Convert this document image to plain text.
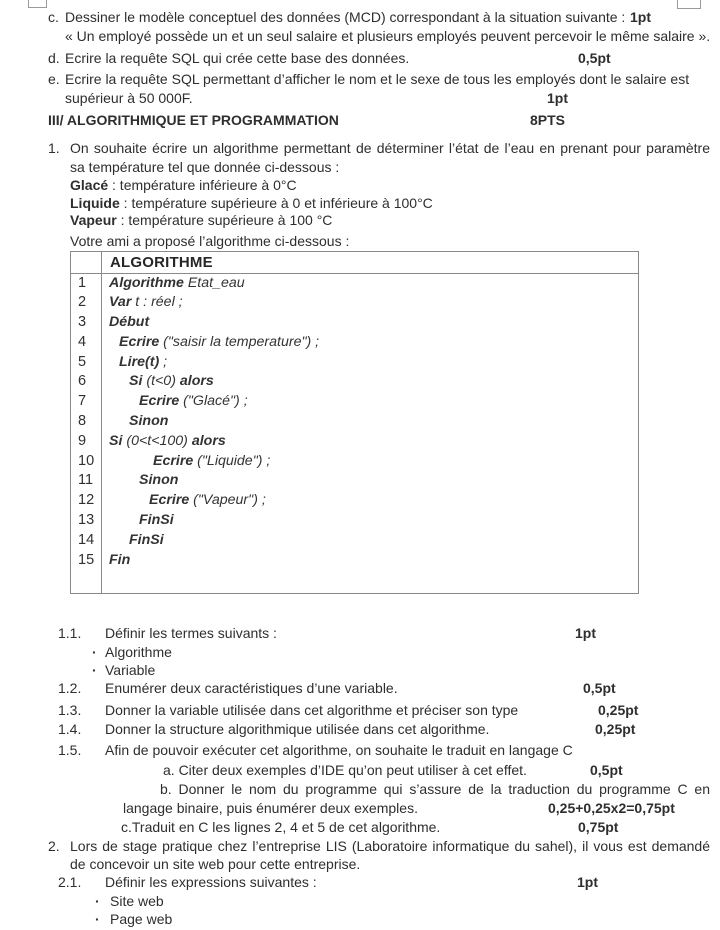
c. Dessiner le modèle conceptuel des données (MCD) correspondant à la situation suivante : 1pt
« Un employé possède un et un seul salaire et plusieurs employés peuvent percevoir le même salaire ».
d. Ecrire la requête SQL qui crée cette base des données.	0,5pt
e. Ecrire la requête SQL permettant d’afficher le nom et le sexe de tous les employés dont le salaire est
supérieur à 50 000F.	1pt
III/ ALGORITHMIQUE ET PROGRAMMATION	8PTS
1. On souhaite écrire un algorithme permettant de déterminer l’état de l’eau en prenant pour paramètre
sa température tel que donnée ci-dessous :
Glacé : température inférieure à 0°C
Liquide : température supérieure à 0 et inférieure à 100°C
Vapeur : température supérieure à 100 °C
Votre ami a proposé l’algorithme ci-dessous :
ALGORITHME
1	Algorithme Etat_eau
2	Var t : réel ;
3	Début
4	Ecrire ("saisir la temperature") ;
5	Lire(t) ;
6	Si (t<0) alors
7	Ecrire ("Glacé") ;
8	Sinon
9	Si (0<t<100) alors
10	Ecrire ("Liquide") ;
11	Sinon
12	Ecrire ("Vapeur") ;
13	FinSi
14	FinSi
15	Fin
1.1. Définir les termes suivants :	1pt
· Algorithme
· Variable
1.2. Enumérer deux caractéristiques d’une variable.	0,5pt
1.3. Donner la variable utilisée dans cet algorithme et préciser son type	0,25pt
1.4. Donner la structure algorithmique utilisée dans cet algorithme.	0,25pt
1.5. Afin de pouvoir exécuter cet algorithme, on souhaite le traduit en langage C
a. Citer deux exemples d’IDE qu’on peut utiliser à cet effet.	0,5pt
b. Donner le nom du programme qui s’assure de la traduction du programme C en
langage binaire, puis énumérer deux exemples.	0,25+0,25x2=0,75pt
c.Traduit en C les lignes 2, 4 et 5 de cet algorithme.	0,75pt
2. Lors de stage pratique chez l’entreprise LIS (Laboratoire informatique du sahel), il vous est demandé
de concevoir un site web pour cette entreprise.
2.1. Définir les expressions suivantes :	1pt
· Site web
· Page web
